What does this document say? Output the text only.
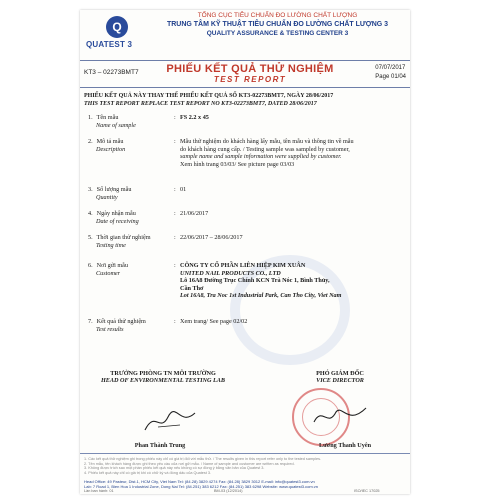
Q
QUATEST 3
TỔNG CỤC TIÊU CHUẨN ĐO LƯỜNG CHẤT LƯỢNG
TRUNG TÂM KỸ THUẬT TIÊU CHUẨN ĐO LƯỜNG CHẤT LƯỢNG 3
QUALITY ASSURANCE & TESTING CENTER 3
KT3 – 02273BMT7	PHIẾU KẾT QUẢ THỬ NGHIỆM
TEST REPORT
07/07/2017
Page 01/04
PHIẾU KẾT QUẢ NÀY THAY THẾ PHIẾU KẾT QUẢ SỐ KT3-02273BMT7, NGÀY 28/06/2017
THIS TEST REPORT REPLACE TEST REPORT NO KT3-02273BMT7, DATED 28/06/2017
1. Tên mẫu
Name of sample
: FS 2.2 x 45
2. Mô tả mẫu
Description
: Mẫu thử nghiệm do khách hàng lấy mẫu, tên mẫu và thông tin về mẫu
do khách hàng cung cấp. / Testing sample was sampled by customer,
sample name and sample information were supplied by customer.
Xem hình trang 03/03/ See picture page 03/03
3. Số lượng mẫu
Quantity
: 01
4. Ngày nhận mẫu
Date of receiving
: 21/06/2017
5. Thời gian thử nghiệm
Testing time
: 22/06/2017 – 28/06/2017
6. Nơi gửi mẫu
Customer
: CÔNG TY CỔ PHẦN LIÊN HIỆP KIM XUÂN
UNITED NAIL PRODUCTS CO., LTD
Lô 16A8 Đường Trục Chính KCN Trà Nóc 1, Bình Thủy,
Cần Thơ
Lot 16A8, Tra Noc 1st Industrial Park, Can Tho City, Viet Nam
7. Kết quả thử nghiệm
Test results
: Xem trang/ See page 02/02
TRƯỞNG PHÒNG TN MÔI TRƯỜNG
HEAD OF ENVIRONMENTAL TESTING LAB
Phan Thành Trung
PHÓ GIÁM ĐỐC
VICE DIRECTOR
Lương Thanh Uyên
1. Các kết quả thử nghiệm ghi trong phiếu này chỉ có giá trị đối với mẫu thử. / The results given in this report refer only to the tested samples.
2. Tên mẫu, tên khách hàng được ghi theo yêu cầu của nơi gửi mẫu. / Name of sample and customer are written as required.
3. Không được trích sao một phần phiếu kết quả này nếu không có sự đồng ý bằng văn bản của Quatest 3.
4. Phiếu kết quả này chỉ có giá trị khi có chữ ký và đóng dấu của Quatest 3.
Head Office: 49 Pasteur, Dist.1, HCM City, Viet Nam Tel: (84.28) 3829 4274 Fax: (84.28) 3829 3012 E-mail: info@quatest3.com.vn
Lab: 7 Road 1, Bien Hoa 1 Industrial Zone, Dong Nai Tel: (84.251) 383 6212 Fax: (84.251) 383 6298 Website: www.quatest3.com.vn
Lần ban hành: 01	BM-03 (12/2014)	ISO/IEC 17025
